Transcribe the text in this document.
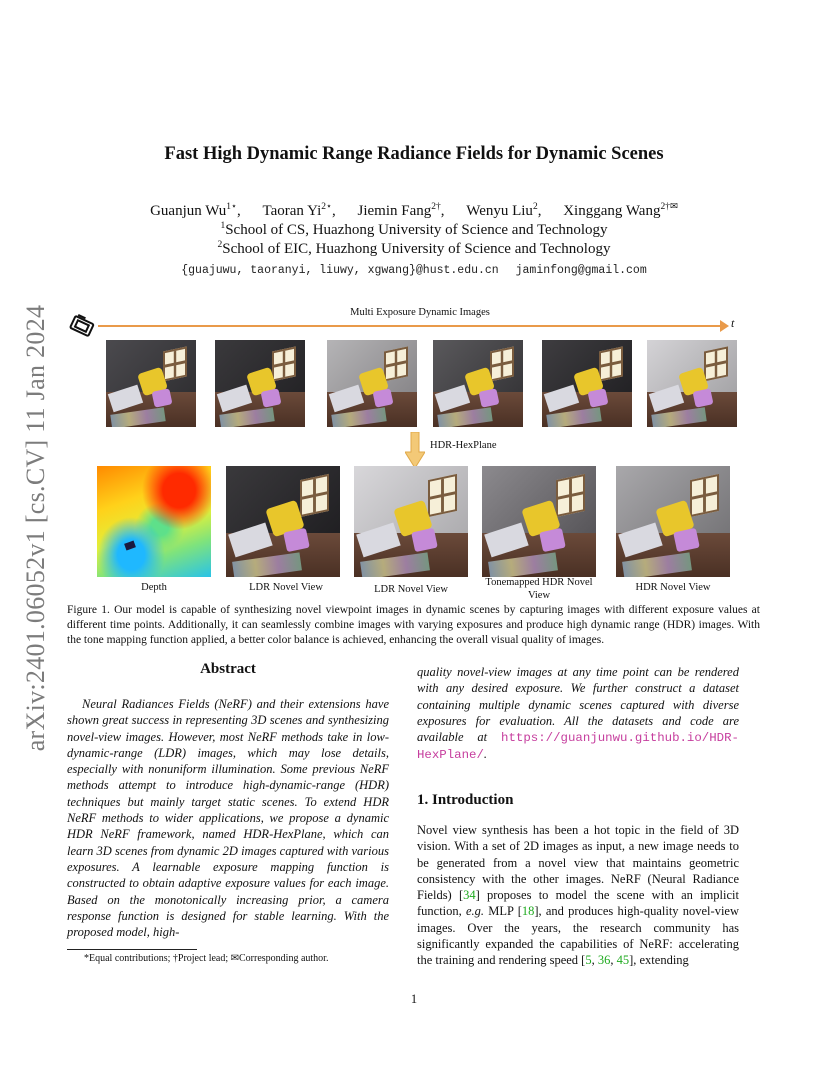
arXiv:2401.06052v1 [cs.CV] 11 Jan 2024
Fast High Dynamic Range Radiance Fields for Dynamic Scenes
Guanjun $Wu^{1⋆}$, Taoran $Yi^{2⋆}$, Jiemin Fang$^{2\dagger}$, Wenyu Liu$^2$, Xinggang Wang$^{2\dagger✉}$
$^1$School of CS, Huazhong University of Science and Technology
$^2$School of EIC, Huazhong University of Science and Technology
{guajuwu, taoranyi, liuwy, xgwang}@hust.edu.cn jaminfong@gmail.com
Multi Exposure Dynamic Images
t
HDR-HexPlane
Depth	LDR Novel View	LDR Novel View
Tonemapped HDR Novel View
HDR Novel View
Figure 1. Our model is capable of synthesizing novel viewpoint images in dynamic scenes by capturing images with different exposure values at different time points. Additionally, it can seamlessly combine images with varying exposures and produce high dynamic range (HDR) images. With the tone mapping function applied, a better color balance is achieved, enhancing the overall visual quality of images.
Abstract
Neural Radiances Fields (NeRF) and their extensions have shown great success in representing 3D scenes and synthesizing novel-view images. However, most NeRF methods take in low-dynamic-range (LDR) images, which may lose details, especially with nonuniform illumination. Some previous NeRF methods attempt to introduce high-dynamic-range (HDR) techniques but mainly target static scenes. To extend HDR NeRF methods to wider applications, we propose a dynamic HDR NeRF framework, named HDR-HexPlane, which can learn 3D scenes from dynamic 2D images captured with various exposures. A learnable exposure mapping function is constructed to obtain adaptive exposure values for each image. Based on the monotonically increasing prior, a camera response function is designed for stable learning. With the proposed model, high-
quality novel-view images at any time point can be rendered with any desired exposure. We further construct a dataset containing multiple dynamic scenes captured with diverse exposures for evaluation. All the datasets and code are available at https://guanjunwu.github.io/HDR-HexPlane/.
1. Introduction
Novel view synthesis has been a hot topic in the field of 3D vision. With a set of 2D images as input, a new image needs to be generated from a novel view that maintains geometric consistency with the other images. NeRF (Neural Radiance Fields) [34] proposes to model the scene with an implicit function, e.g. MLP [18], and produces high-quality novel-view images. Over the years, the research community has significantly expanded the capabilities of NeRF: accelerating the training and rendering speed [5, 36, 45], extending
*Equal contributions; †Project lead; ✉Corresponding author.
1
